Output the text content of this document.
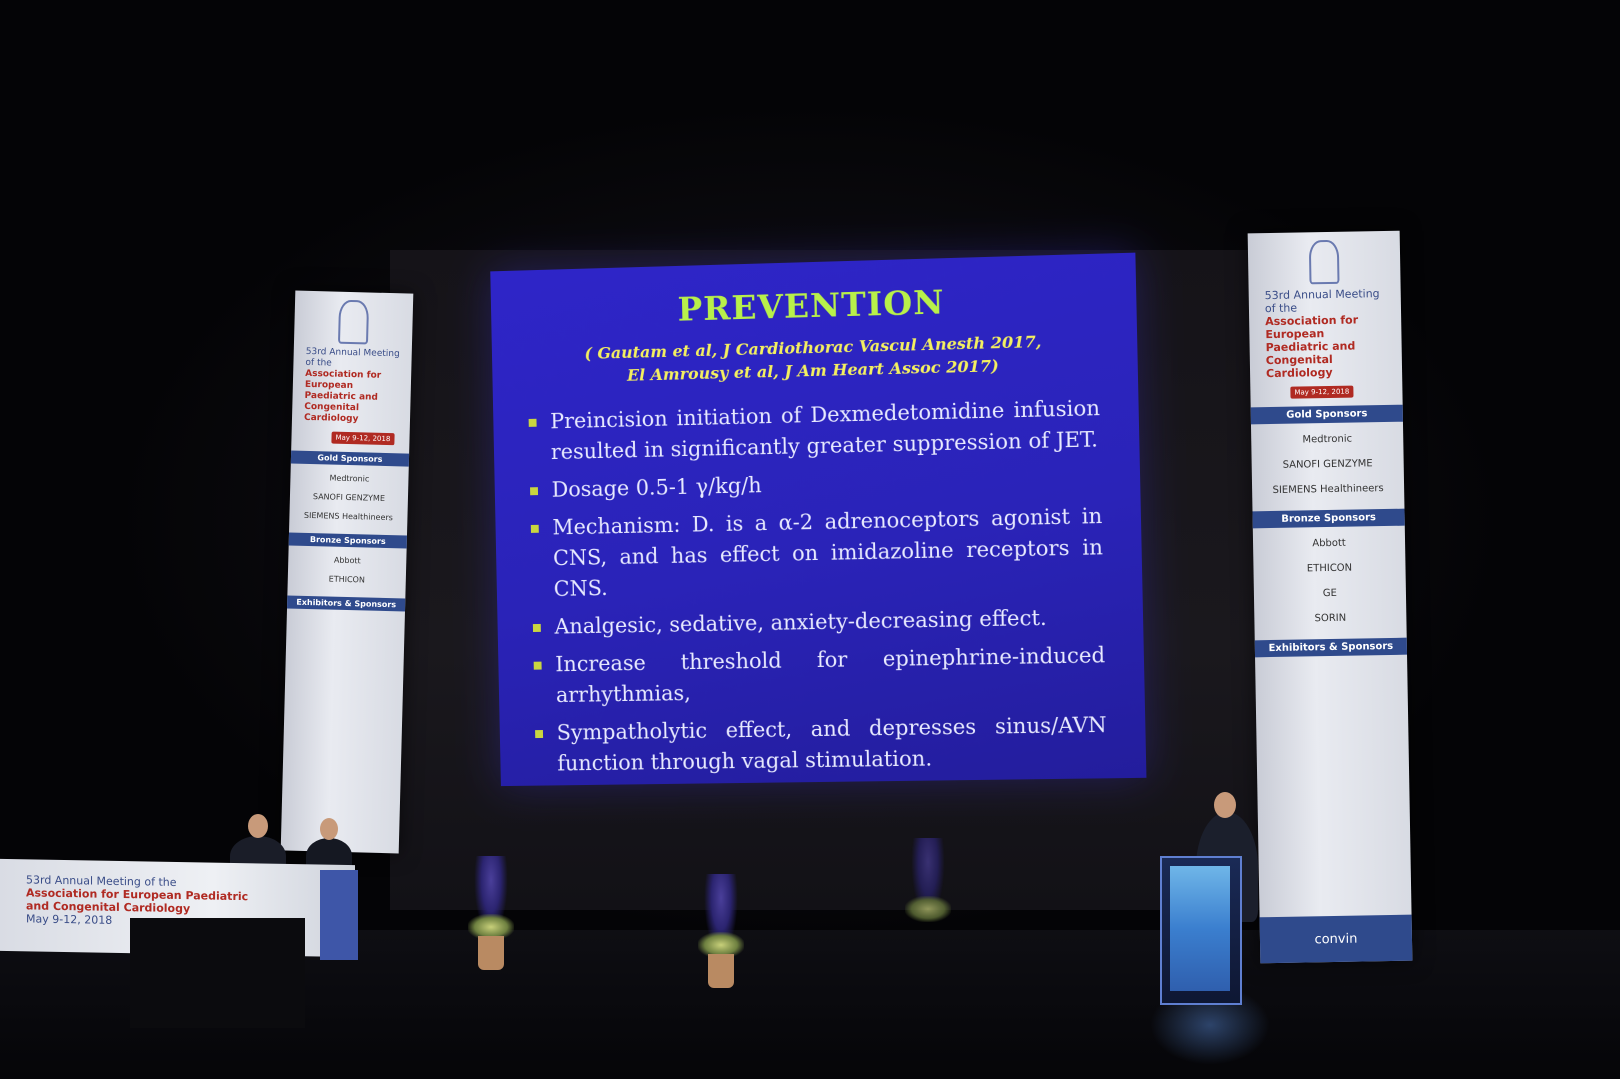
53rd Annual Meeting of the
Association for European Paediatric and Congenital Cardiology
May 9-12, 2018
Gold Sponsors
Medtronic
SANOFI GENZYME
SIEMENS Healthineers
Bronze Sponsors
Abbott
ETHICON
Exhibitors & Sponsors
53rd Annual Meeting of the
Association for European Paediatric and Congenital Cardiology
May 9-12, 2018
Gold Sponsors
Medtronic
SANOFI GENZYME
SIEMENS Healthineers
Bronze Sponsors
Abbott
ETHICON
GE
SORIN
Exhibitors & Sponsors
convin
PREVENTION
( Gautam et al, J Cardiothorac Vascul Anesth 2017,
El Amrousy et al, J Am Heart Assoc 2017)
Preincision initiation of Dexmedetomidine infusion resulted in significantly greater suppression of JET.
Dosage 0.5-1 γ/kg/h
Mechanism: D. is a α-2 adrenoceptors agonist in CNS, and has effect on imidazoline receptors in CNS.
Analgesic, sedative, anxiety-decreasing effect.
Increase threshold for epinephrine-induced arrhythmias,
Sympatholytic effect, and depresses sinus/AVN function through vagal stimulation.
53rd Annual Meeting of the
Association for European Paediatric
and Congenital Cardiology
May 9-12, 2018
